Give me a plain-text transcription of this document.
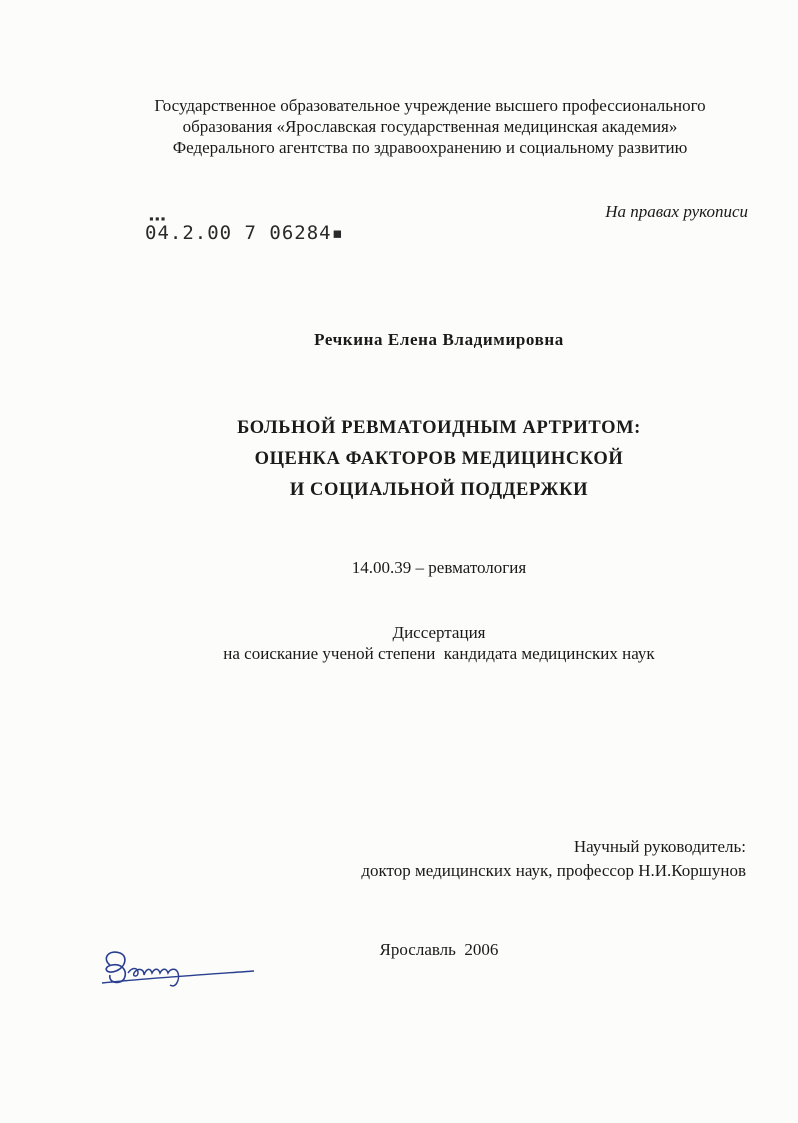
Государственное образовательное учреждение высшего профессионального
образования «Ярославская государственная медицинская академия»
Федерального агентства по здравоохранению и социальному развитию
На правах рукописи
▪▪▪
04.2.00 7 06284▪
Речкина Елена Владимировна
БОЛЬНОЙ РЕВМАТОИДНЫМ АРТРИТОМ:
ОЦЕНКА ФАКТОРОВ МЕДИЦИНСКОЙ
И СОЦИАЛЬНОЙ ПОДДЕРЖКИ
14.00.39 – ревматология
Диссертация
на соискание ученой степени  кандидата медицинских наук
Научный руководитель:
доктор медицинских наук, профессор Н.И.Коршунов
Ярославль  2006
